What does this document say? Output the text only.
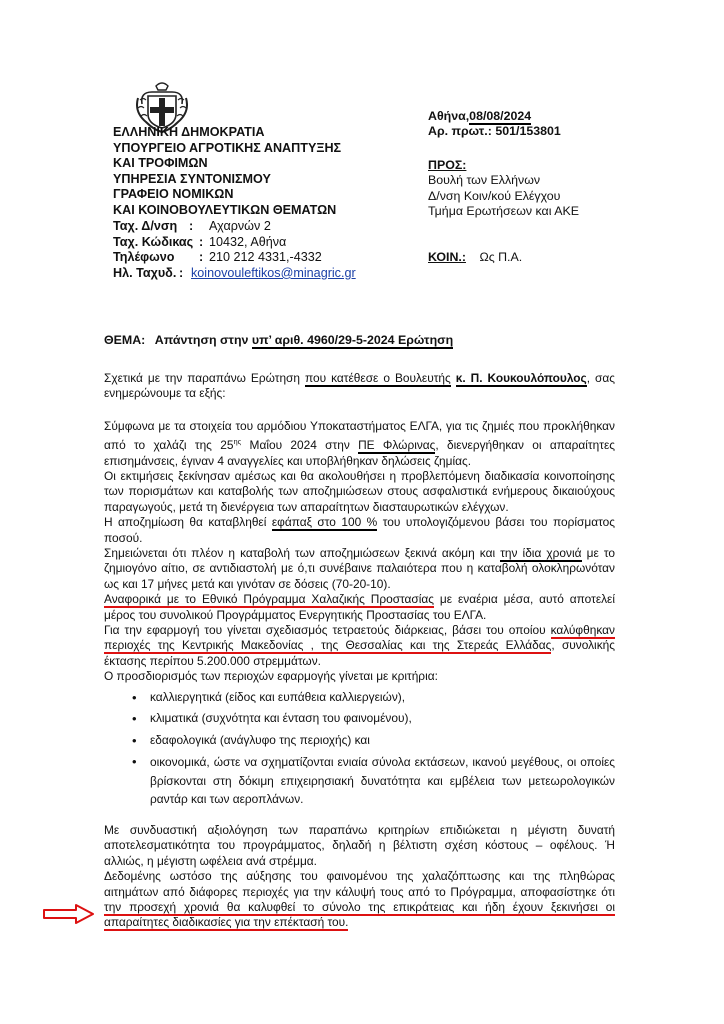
ΕΛΛΗΝΙΚΗ ΔΗΜΟΚΡΑΤΙΑ
ΥΠΟΥΡΓΕΙΟ ΑΓΡΟΤΙΚΗΣ ΑΝΑΠΤΥΞΗΣ
ΚΑΙ ΤΡΟΦΙΜΩΝ
ΥΠΗΡΕΣΙΑ ΣΥΝΤΟΝΙΣΜΟΥ
ΓΡΑΦΕΙΟ ΝΟΜΙΚΩΝ
ΚΑΙ ΚΟΙΝΟΒΟΥΛΕΥΤΙΚΩΝ ΘΕΜΑΤΩΝ
Ταχ. Δ/νση : Αχαρνών 2
Ταχ. Κώδικας : 10432, Αθήνα
Τηλέφωνο : 210 212 4331,-4332
Ηλ. Ταχυδ. : koinovouleftikos@minagric.gr
Αθήνα,08/08/2024
Αρ. πρωτ.: 501/153801
ΠΡΟΣ:
Βουλή των Ελλήνων
Δ/νση Κοιν/κού Ελέγχου
Τμήμα Ερωτήσεων και ΑΚΕ
ΚΟΙΝ.: Ως Π.Α.
ΘΕΜΑ: Απάντηση στην υπ’ αριθ. 4960/29-5-2024 Ερώτηση

Σχετικά με την παραπάνω Ερώτηση που κατέθεσε ο Βουλευτής κ. Π. Κουκουλόπουλος, σας ενημερώνουμε τα εξής:

Σύμφωνα με τα στοιχεία του αρμόδιου Υποκαταστήματος ΕΛΓΑ, για τις ζημιές που προκλήθηκαν από το χαλάζι της $25^{\eta\varsigma}$ Μαΐου 2024 στην ΠΕ Φλώρινας, διενεργήθηκαν οι απαραίτητες επισημάνσεις, έγιναν 4 αναγγελίες και υποβλήθηκαν δηλώσεις ζημίας.

Οι εκτιμήσεις ξεκίνησαν αμέσως και θα ακολουθήσει η προβλεπόμενη διαδικασία κοινοποίησης των πορισμάτων και καταβολής των αποζημιώσεων στους ασφαλιστικά ενήμερους δικαιούχους παραγωγούς, μετά τη διενέργεια των απαραίτητων διασταυρωτικών ελέγχων.

Η αποζημίωση θα καταβληθεί εφάπαξ στο 100 % του υπολογιζόμενου βάσει του πορίσματος ποσού.

Σημειώνεται ότι πλέον η καταβολή των αποζημιώσεων ξεκινά ακόμη και την ίδια χρονιά με το ζημιογόνο αίτιο, σε αντιδιαστολή με ό,τι συνέβαινε παλαιότερα που η καταβολή ολοκληρωνόταν ως και 17 μήνες μετά και γινόταν σε δόσεις (70-20-10).

Αναφορικά με το Εθνικό Πρόγραμμα Χαλαζικής Προστασίας με εναέρια μέσα, αυτό αποτελεί μέρος του συνολικού Προγράμματος Ενεργητικής Προστασίας του ΕΛΓΑ.

Για την εφαρμογή του γίνεται σχεδιασμός τετραετούς διάρκειας, βάσει του οποίου καλύφθηκαν περιοχές της Κεντρικής Μακεδονίας , της Θεσσαλίας και της Στερεάς Ελλάδας, συνολικής έκτασης περίπου 5.200.000 στρεμμάτων.

Ο προσδιορισμός των περιοχών εφαρμογής γίνεται με κριτήρια:

• καλλιεργητικά (είδος και ευπάθεια καλλιεργειών),
• κλιματικά (συχνότητα και ένταση του φαινομένου),
• εδαφολογικά (ανάγλυφο της περιοχής) και
• οικονομικά, ώστε να σχηματίζονται ενιαία σύνολα εκτάσεων, ικανού μεγέθους, οι οποίες βρίσκονται στη δόκιμη επιχειρησιακή δυνατότητα και εμβέλεια των μετεωρολογικών ραντάρ και των αεροπλάνων.

Με συνδυαστική αξιολόγηση των παραπάνω κριτηρίων επιδιώκεται η μέγιστη δυνατή αποτελεσματικότητα του προγράμματος, δηλαδή η βέλτιστη σχέση κόστους – οφέλους. Ή αλλιώς, η μέγιστη ωφέλεια ανά στρέμμα.

Δεδομένης ωστόσο της αύξησης του φαινομένου της χαλαζόπτωσης και της πληθώρας αιτημάτων από διάφορες περιοχές για την κάλυψή τους από το Πρόγραμμα, αποφασίστηκε ότι την προσεχή χρονιά θα καλυφθεί το σύνολο της επικράτειας και ήδη έχουν ξεκινήσει οι απαραίτητες διαδικασίες για την επέκτασή του.
